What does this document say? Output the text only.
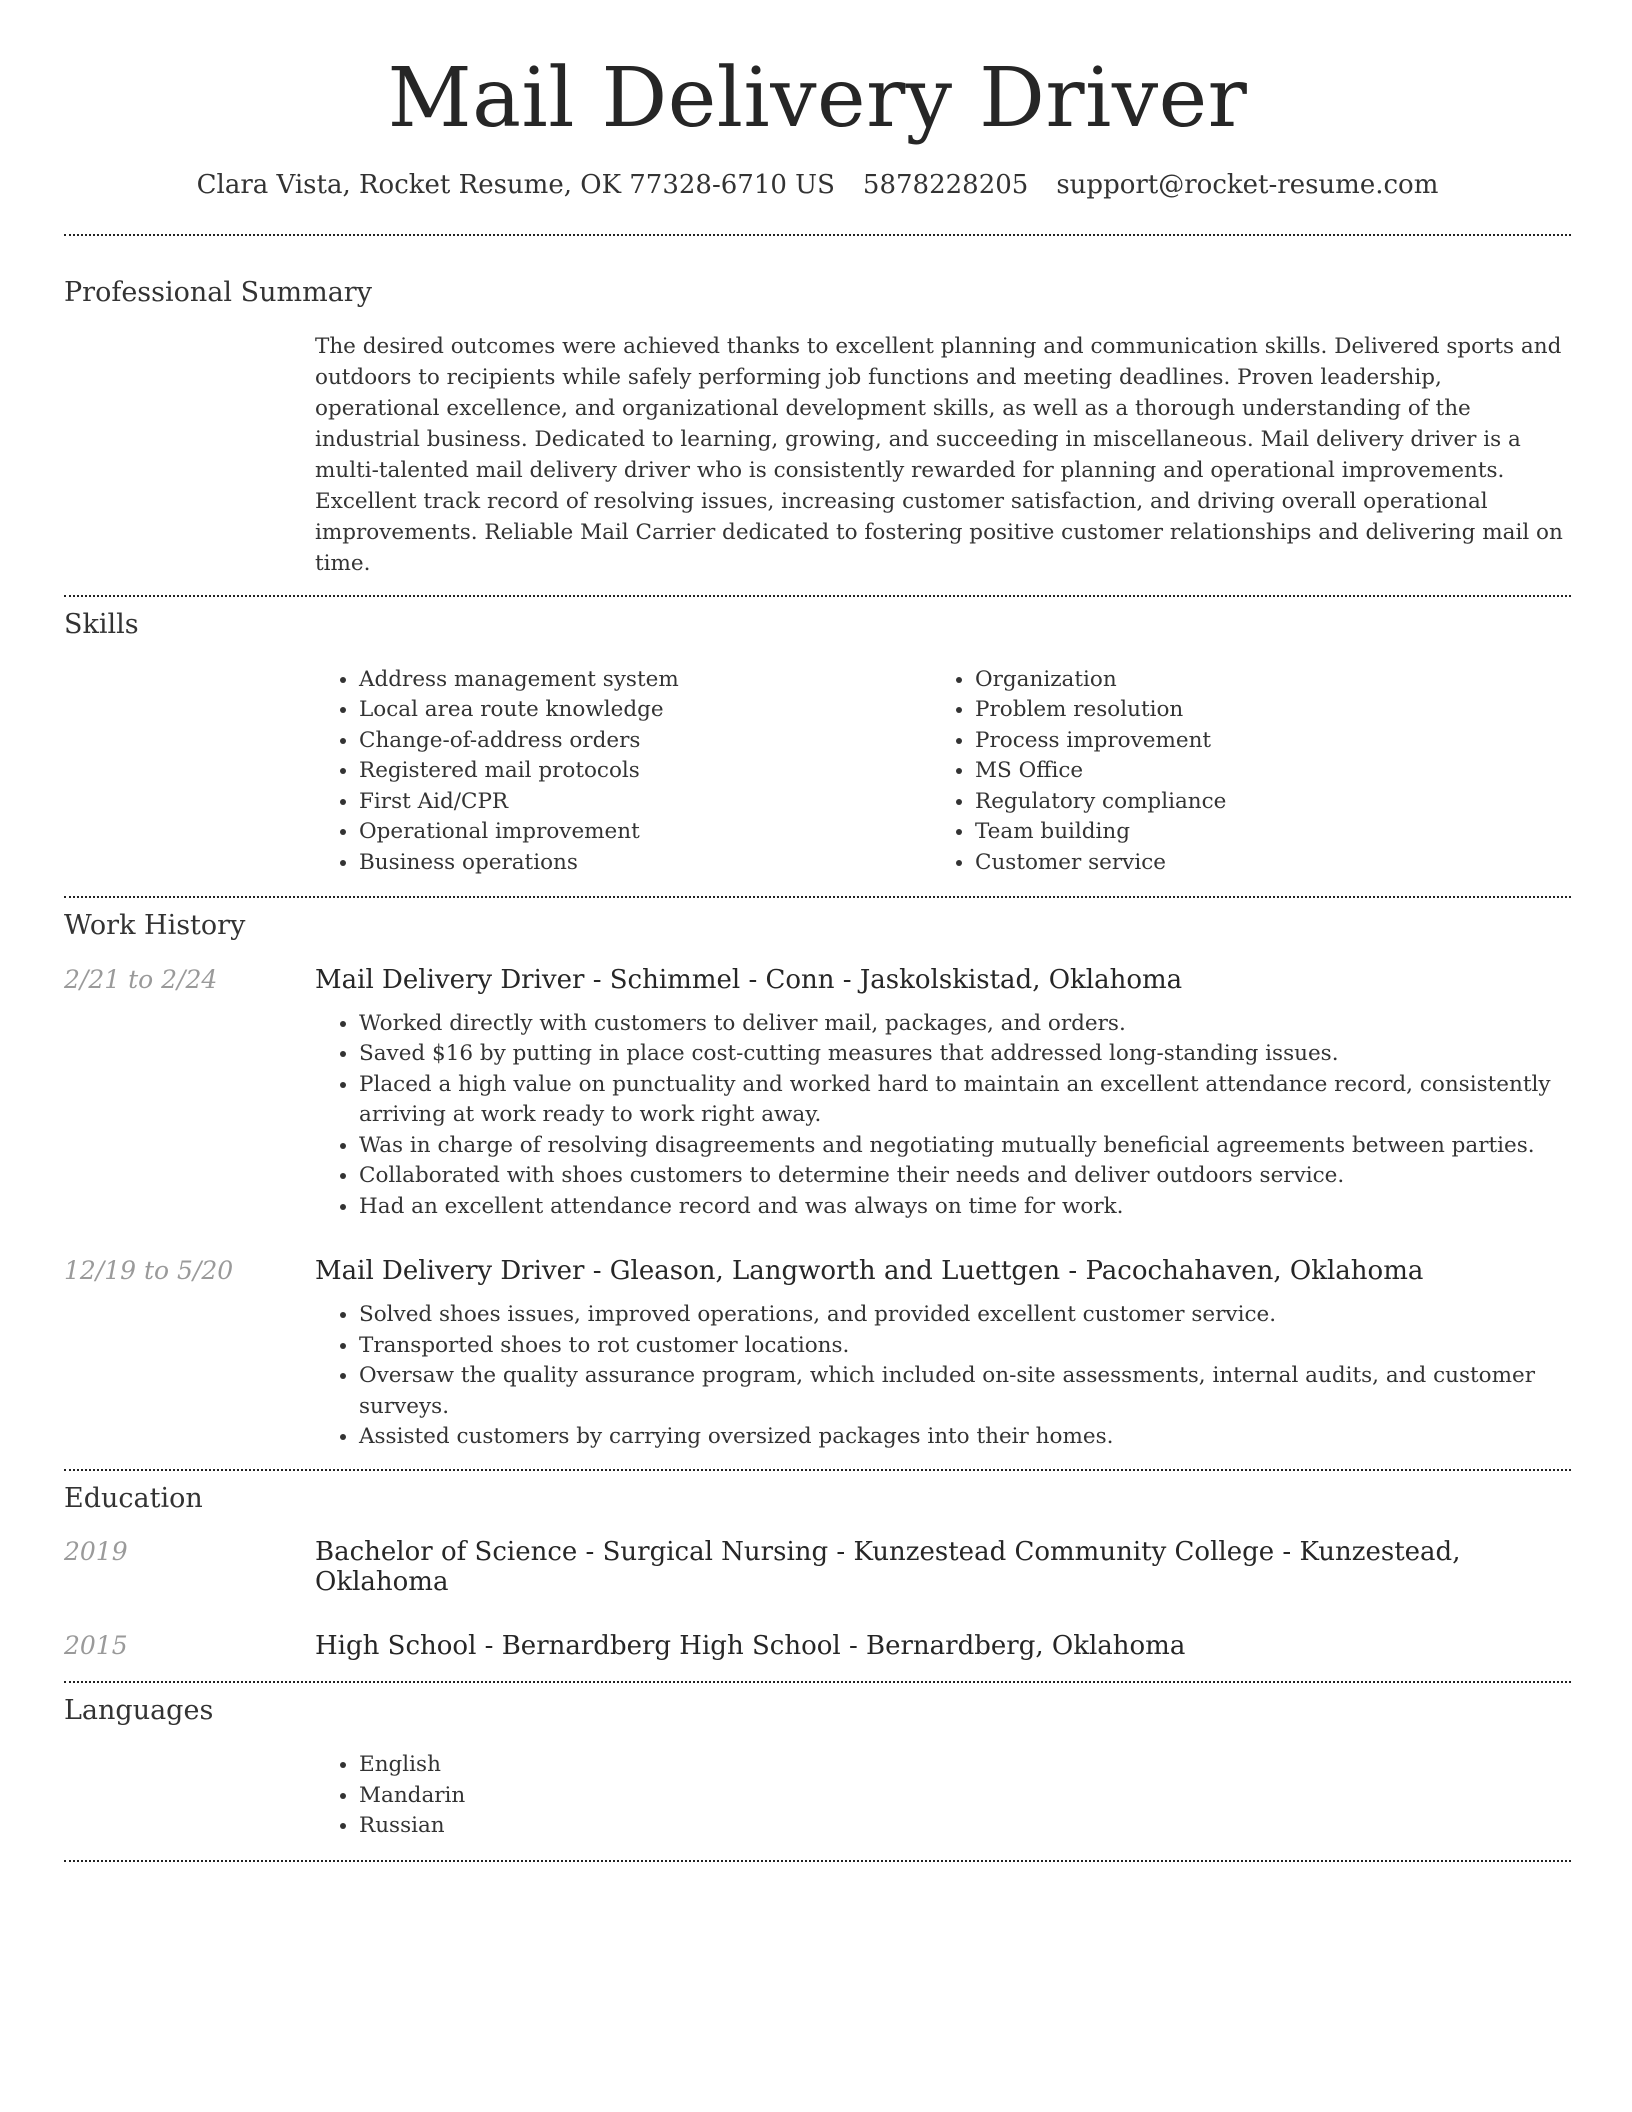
Mail Delivery Driver
Clara Vista, Rocket Resume, OK 77328-6710 US 5878228205 support@rocket-resume.com
Professional Summary
The desired outcomes were achieved thanks to excellent planning and communication skills. Delivered sports and outdoors to recipients while safely performing job functions and meeting deadlines. Proven leadership, operational excellence, and organizational development skills, as well as a thorough understanding of the industrial business. Dedicated to learning, growing, and succeeding in miscellaneous. Mail delivery driver is a multi-talented mail delivery driver who is consistently rewarded for planning and operational improvements. Excellent track record of resolving issues, increasing customer satisfaction, and driving overall operational improvements. Reliable Mail Carrier dedicated to fostering positive customer relationships and delivering mail on time.
Skills
• Address management system
• Local area route knowledge
• Change-of-address orders
• Registered mail protocols
• First Aid/CPR
• Operational improvement
• Business operations
• Organization
• Problem resolution
• Process improvement
• MS Office
• Regulatory compliance
• Team building
• Customer service
Work History
2/21 to 2/24	Mail Delivery Driver - Schimmel - Conn - Jaskolskistad, Oklahoma
• Worked directly with customers to deliver mail, packages, and orders.
• Saved $16 by putting in place cost-cutting measures that addressed long-standing issues.
• Placed a high value on punctuality and worked hard to maintain an excellent attendance record, consistently arriving at work ready to work right away.
• Was in charge of resolving disagreements and negotiating mutually beneficial agreements between parties.
• Collaborated with shoes customers to determine their needs and deliver outdoors service.
• Had an excellent attendance record and was always on time for work.
12/19 to 5/20	Mail Delivery Driver - Gleason, Langworth and Luettgen - Pacochahaven, Oklahoma
• Solved shoes issues, improved operations, and provided excellent customer service.
• Transported shoes to rot customer locations.
• Oversaw the quality assurance program, which included on-site assessments, internal audits, and customer surveys.
• Assisted customers by carrying oversized packages into their homes.
Education
2019	Bachelor of Science - Surgical Nursing - Kunzestead Community College - Kunzestead, Oklahoma
2015	High School - Bernardberg High School - Bernardberg, Oklahoma
Languages
• English
• Mandarin
• Russian
